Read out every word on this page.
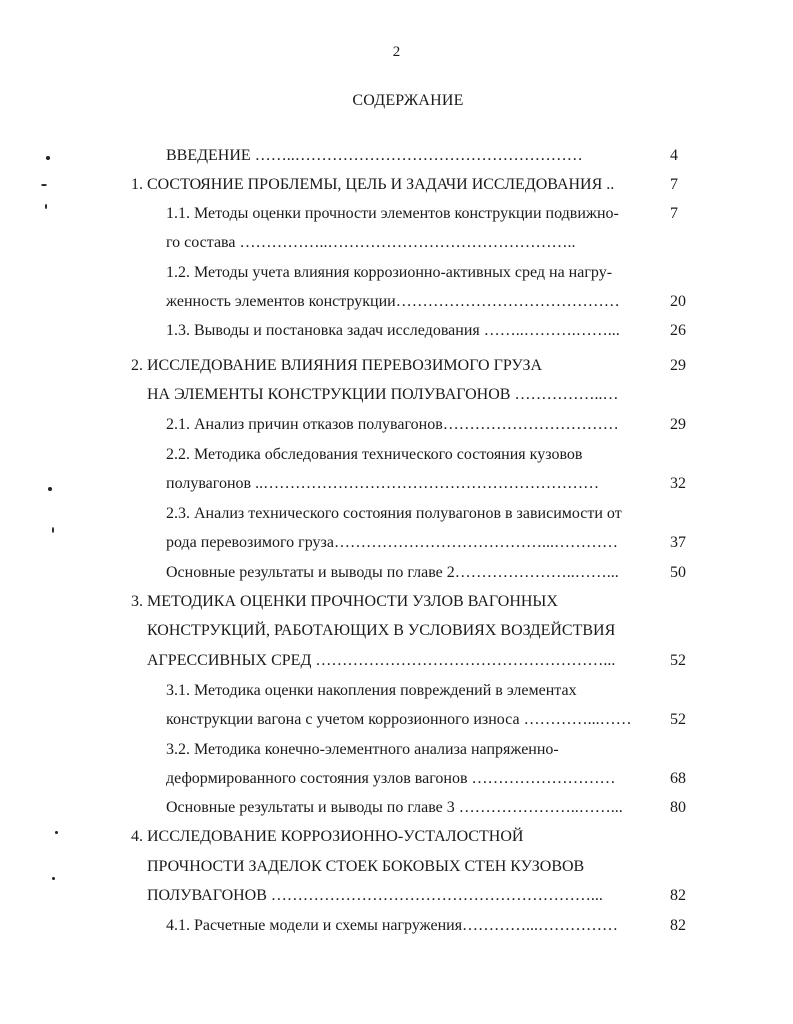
2
СОДЕРЖАНИЕ
ВВЕДЕНИЕ ……..………………………………………………	4
1. СОСТОЯНИЕ ПРОБЛЕМЫ, ЦЕЛЬ И ЗАДАЧИ ИССЛЕДОВАНИЯ ..	7
1.1. Методы оценки прочности элементов конструкции подвижно-	7
го состава ……………..………………………………………..
1.2. Методы учета влияния коррозионно-активных сред на нагру-
женность элементов конструкции……………………………………	20
1.3. Выводы и постановка задач исследования ……..……….……...	26
2. ИССЛЕДОВАНИЕ ВЛИЯНИЯ ПЕРЕВОЗИМОГО ГРУЗА	29
НА ЭЛЕМЕНТЫ КОНСТРУКЦИИ ПОЛУВАГОНОВ ……………..…
2.1. Анализ причин отказов полувагонов……………………………	29
2.2. Методика обследования технического состояния кузовов
полувагонов ..………………………………………………………	32
2.3. Анализ технического состояния полувагонов в зависимости от
рода перевозимого груза…………………………………...…………	37
Основные результаты и выводы по главе 2…………………..……...	50
3. МЕТОДИКА ОЦЕНКИ ПРОЧНОСТИ УЗЛОВ ВАГОННЫХ
КОНСТРУКЦИЙ, РАБОТАЮЩИХ В УСЛОВИЯХ ВОЗДЕЙСТВИЯ
АГРЕССИВНЫХ СРЕД ………………………………………………...	52
3.1. Методика оценки накопления повреждений в элементах
конструкции вагона с учетом коррозионного износа …………...…… 52
3.2. Методика конечно-элементного анализа напряженно-
деформированного состояния узлов вагонов ………………………	68
Основные результаты и выводы по главе 3 …………………..……...	80
4. ИССЛЕДОВАНИЕ КОРРОЗИОННО-УСТАЛОСТНОЙ
ПРОЧНОСТИ ЗАДЕЛОК СТОЕК БОКОВЫХ СТЕН КУЗОВОВ
ПОЛУВАГОНОВ ……………………………………………………...	82
4.1. Расчетные модели и схемы нагружения…………...……………	82
